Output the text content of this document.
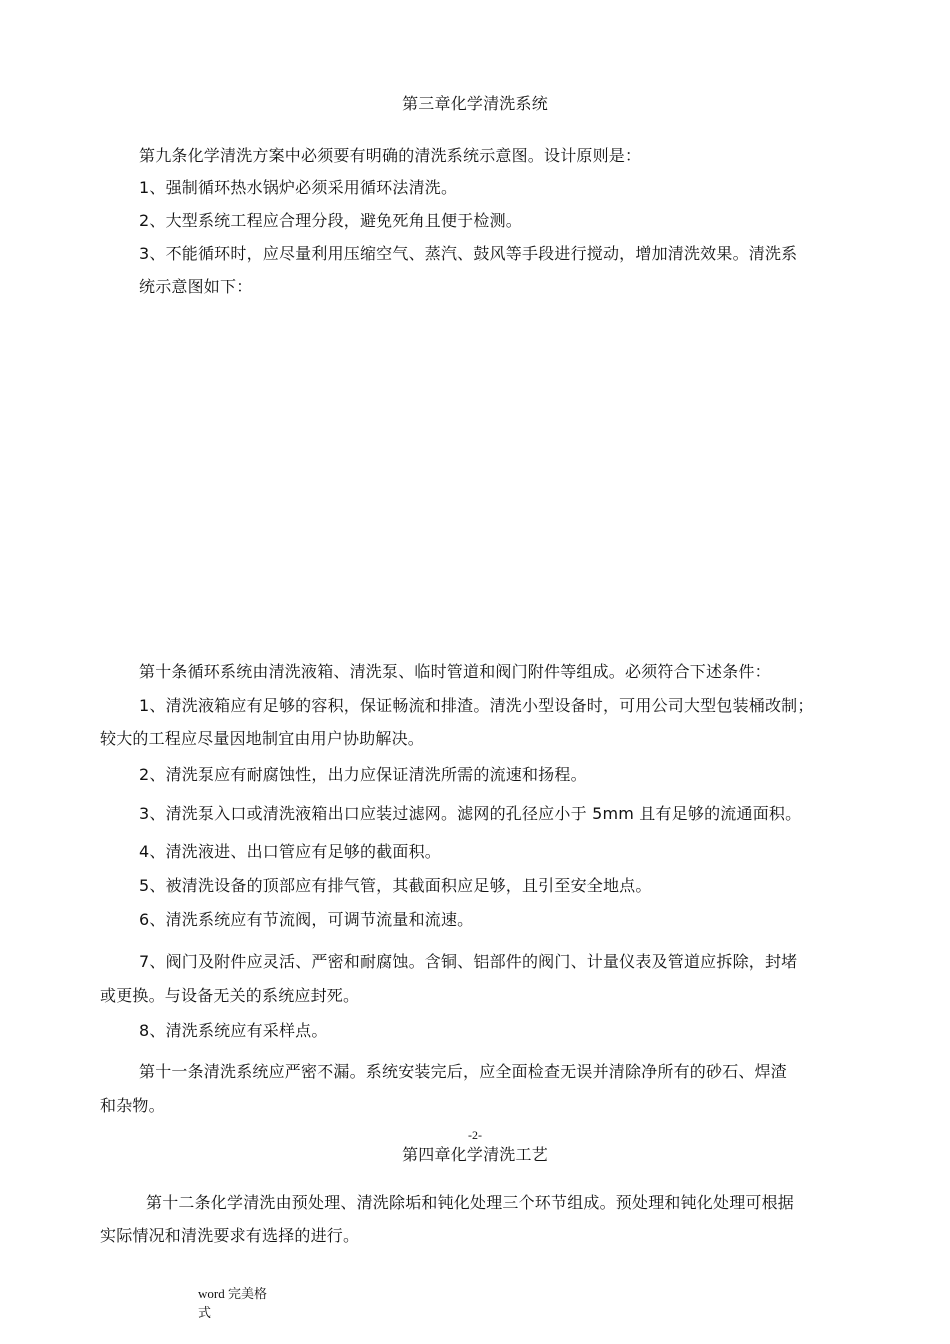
第三章化学清洗系统
第九条化学清洗方案中必须要有明确的清洗系统示意图。设计原则是：
1、强制循环热水锅炉必须采用循环法清洗。
2、大型系统工程应合理分段，避免死角且便于检测。
3、不能循环时，应尽量利用压缩空气、蒸汽、鼓风等手段进行搅动，增加清洗效果。清洗系
统示意图如下：
第十条循环系统由清洗液箱、清洗泵、临时管道和阀门附件等组成。必须符合下述条件：
1、清洗液箱应有足够的容积，保证畅流和排渣。清洗小型设备时，可用公司大型包装桶改制；
较大的工程应尽量因地制宜由用户协助解决。
2、清洗泵应有耐腐蚀性，出力应保证清洗所需的流速和扬程。
3、清洗泵入口或清洗液箱出口应装过滤网。滤网的孔径应小于 5mm 且有足够的流通面积。
4、清洗液进、出口管应有足够的截面积。
5、被清洗设备的顶部应有排气管，其截面积应足够，且引至安全地点。
6、清洗系统应有节流阀，可调节流量和流速。
7、阀门及附件应灵活、严密和耐腐蚀。含铜、铝部件的阀门、计量仪表及管道应拆除，封堵
或更换。与设备无关的系统应封死。
8、清洗系统应有采样点。
第十一条清洗系统应严密不漏。系统安装完后，应全面检查无误并清除净所有的砂石、焊渣
和杂物。
-2-
第四章化学清洗工艺
第十二条化学清洗由预处理、清洗除垢和钝化处理三个环节组成。预处理和钝化处理可根据
实际情况和清洗要求有选择的进行。
word 完美格式
